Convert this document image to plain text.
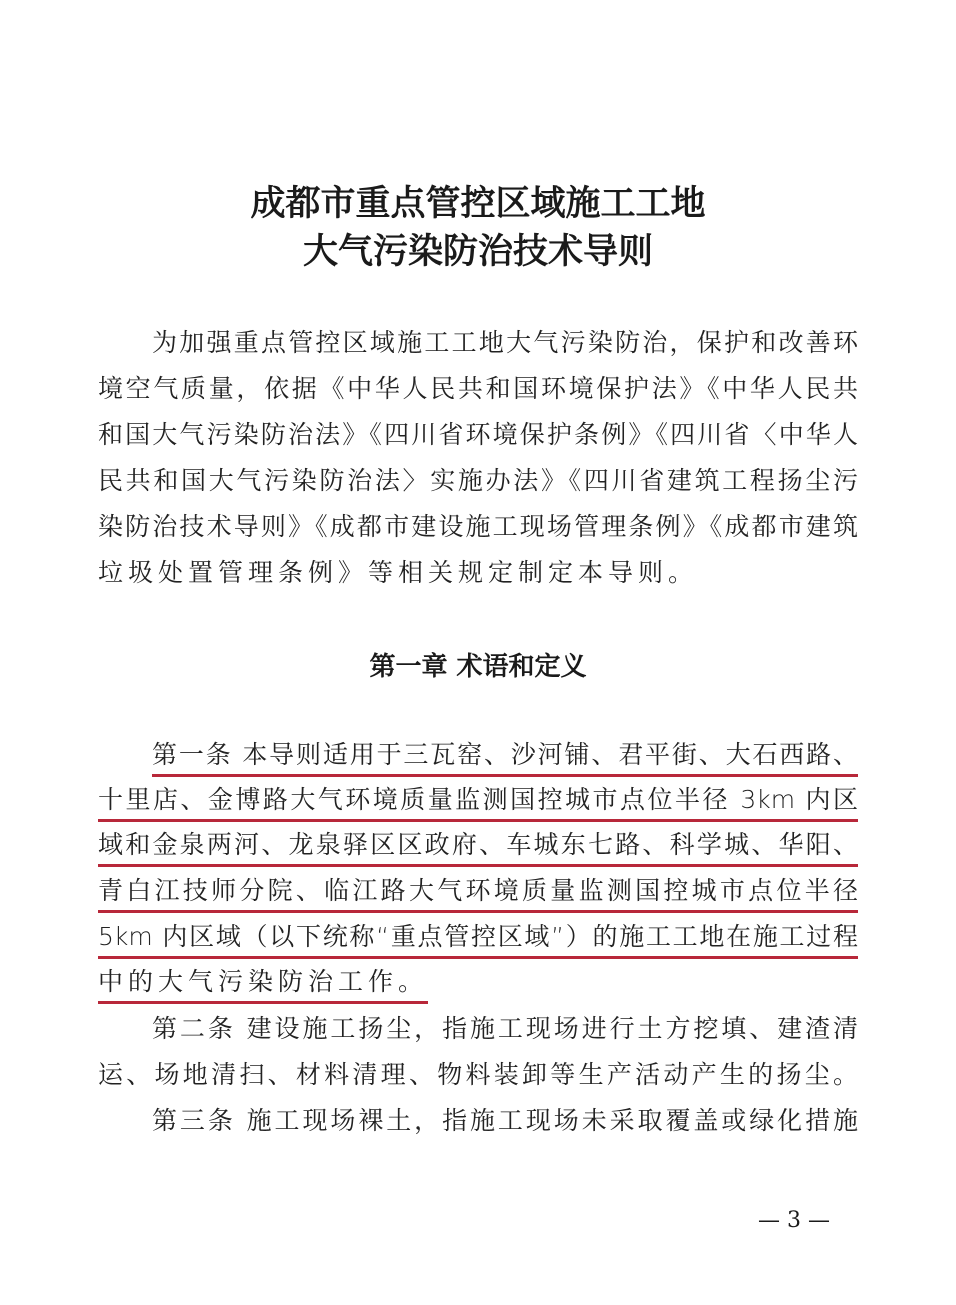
成都市重点管控区域施工工地
大气污染防治技术导则
为加强重点管控区域施工工地大气污染防治，保护和改善环
境空气质量，依据《中华人民共和国环境保护法》《中华人民共
和国大气污染防治法》《四川省环境保护条例》《四川省〈中华人
民共和国大气污染防治法〉实施办法》《四川省建筑工程扬尘污
染防治技术导则》《成都市建设施工现场管理条例》《成都市建筑
垃圾处置管理条例》等相关规定制定本导则。
第一章 术语和定义
第一条 本导则适用于三瓦窑、沙河铺、君平街、大石西路、
十里店、金博路大气环境质量监测国控城市点位半径 3km 内区
域和金泉两河、龙泉驿区区政府、车城东七路、科学城、华阳、
青白江技师分院、临江路大气环境质量监测国控城市点位半径
5km 内区域（以下统称“重点管控区域”）的施工工地在施工过程
中的大气污染防治工作。
第二条 建设施工扬尘，指施工现场进行土方挖填、建渣清
运、场地清扫、材料清理、物料装卸等生产活动产生的扬尘。
第三条 施工现场裸土，指施工现场未采取覆盖或绿化措施
— 3 —
